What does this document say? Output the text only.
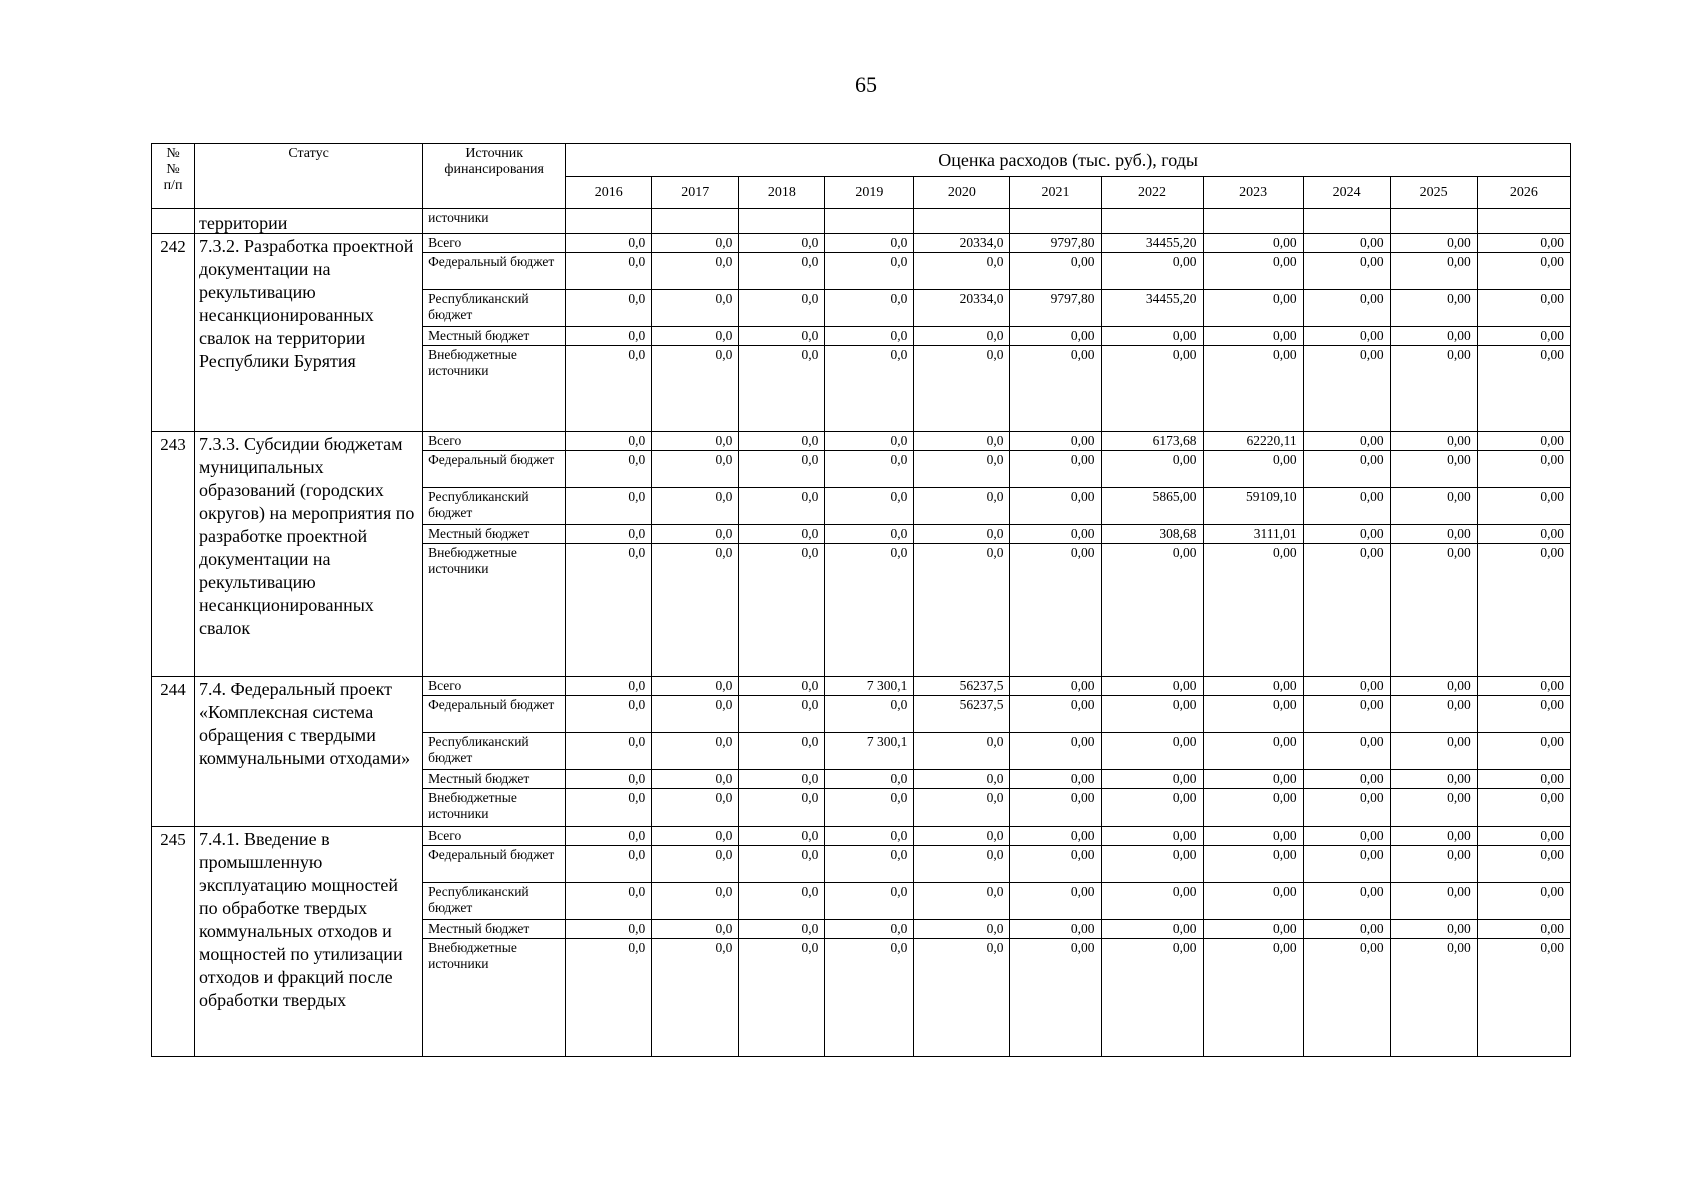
65
№
№
п/п	Статус	Источник финансирования	Оценка расходов (тыс. руб.), годы										
			2016	2017	2018	2019	2020	2021	2022	2023	2024	2025	2026
	территории	источники											
242	7.3.2. Разработка проектной документации на рекультивацию несанкционированных свалок на территории Республики Бурятия	Всего	0,0	0,0	0,0	0,0	20334,0	9797,80	34455,20	0,00	0,00	0,00	0,00
		Федеральный бюджет	0,0	0,0	0,0	0,0	0,0	0,00	0,00	0,00	0,00	0,00	0,00
		Республиканский бюджет	0,0	0,0	0,0	0,0	20334,0	9797,80	34455,20	0,00	0,00	0,00	0,00
		Местный бюджет	0,0	0,0	0,0	0,0	0,0	0,00	0,00	0,00	0,00	0,00	0,00
		Внебюджетные источники	0,0	0,0	0,0	0,0	0,0	0,00	0,00	0,00	0,00	0,00	0,00
243	7.3.3. Субсидии бюджетам муниципальных образований (городских округов) на мероприятия по разработке проектной документации на рекультивацию несанкционированных свалок	Всего	0,0	0,0	0,0	0,0	0,0	0,00	6173,68	62220,11	0,00	0,00	0,00
		Федеральный бюджет	0,0	0,0	0,0	0,0	0,0	0,00	0,00	0,00	0,00	0,00	0,00
		Республиканский бюджет	0,0	0,0	0,0	0,0	0,0	0,00	5865,00	59109,10	0,00	0,00	0,00
		Местный бюджет	0,0	0,0	0,0	0,0	0,0	0,00	308,68	3111,01	0,00	0,00	0,00
		Внебюджетные источники	0,0	0,0	0,0	0,0	0,0	0,00	0,00	0,00	0,00	0,00	0,00
244	7.4. Федеральный проект «Комплексная система обращения с твердыми коммунальными отходами»	Всего	0,0	0,0	0,0	7 300,1	56237,5	0,00	0,00	0,00	0,00	0,00	0,00
		Федеральный бюджет	0,0	0,0	0,0	0,0	56237,5	0,00	0,00	0,00	0,00	0,00	0,00
		Республиканский бюджет	0,0	0,0	0,0	7 300,1	0,0	0,00	0,00	0,00	0,00	0,00	0,00
		Местный бюджет	0,0	0,0	0,0	0,0	0,0	0,00	0,00	0,00	0,00	0,00	0,00
		Внебюджетные источники	0,0	0,0	0,0	0,0	0,0	0,00	0,00	0,00	0,00	0,00	0,00
245	7.4.1. Введение в промышленную эксплуатацию мощностей по обработке твердых коммунальных отходов и мощностей по утилизации отходов и фракций после обработки твердых	Всего	0,0	0,0	0,0	0,0	0,0	0,00	0,00	0,00	0,00	0,00	0,00
		Федеральный бюджет	0,0	0,0	0,0	0,0	0,0	0,00	0,00	0,00	0,00	0,00	0,00
		Республиканский бюджет	0,0	0,0	0,0	0,0	0,0	0,00	0,00	0,00	0,00	0,00	0,00
		Местный бюджет	0,0	0,0	0,0	0,0	0,0	0,00	0,00	0,00	0,00	0,00	0,00
		Внебюджетные источники	0,0	0,0	0,0	0,0	0,0	0,00	0,00	0,00	0,00	0,00	0,00
